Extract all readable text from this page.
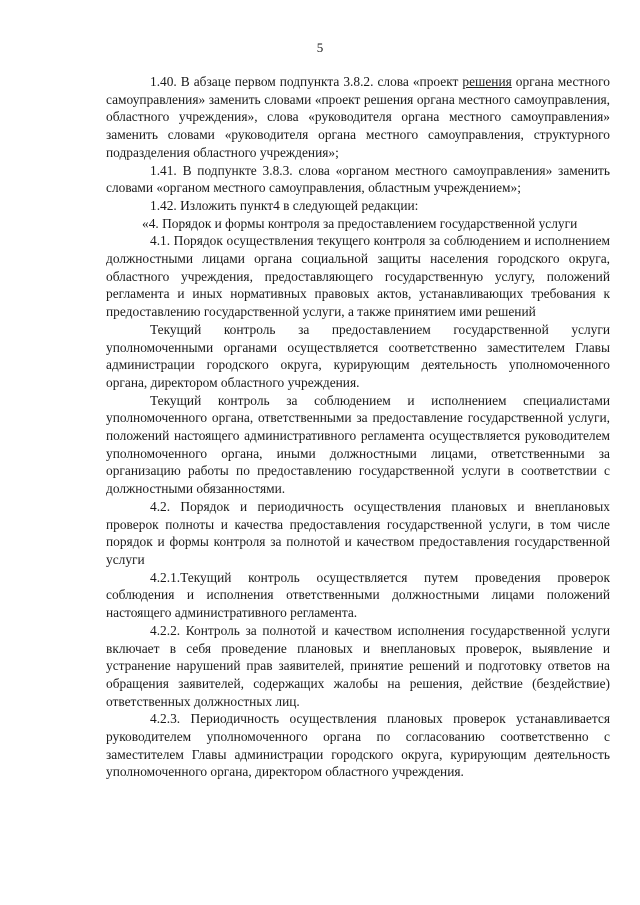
5

1.40. В абзаце первом подпункта 3.8.2. слова «проект решения органа местного самоуправления» заменить словами «проект решения органа местного самоуправления, областного учреждения», слова «руководителя органа местного самоуправления» заменить словами «руководителя органа местного самоуправления, структурного подразделения областного учреждения»;

1.41. В подпункте 3.8.3. слова «органом местного самоуправления» заменить словами «органом местного самоуправления, областным учреждением»;

1.42. Изложить пункт4 в следующей редакции:

«4. Порядок и формы контроля за предоставлением государственной услуги

4.1. Порядок осуществления текущего контроля за соблюдением и исполнением должностными лицами органа социальной защиты населения городского округа, областного учреждения, предоставляющего государственную услугу, положений регламента и иных нормативных правовых актов, устанавливающих требования к предоставлению государственной услуги, а также принятием ими решений

Текущий контроль за предоставлением государственной услуги уполномоченными органами осуществляется соответственно заместителем Главы администрации городского округа, курирующим деятельность уполномоченного органа, директором областного учреждения.

Текущий контроль за соблюдением и исполнением специалистами уполномоченного органа, ответственными за предоставление государственной услуги, положений настоящего административного регламента осуществляется руководителем уполномоченного органа, иными должностными лицами, ответственными за организацию работы по предоставлению государственной услуги в соответствии с должностными обязанностями.

4.2. Порядок и периодичность осуществления плановых и внеплановых проверок полноты и качества предоставления государственной услуги, в том числе порядок и формы контроля за полнотой и качеством предоставления государственной услуги

4.2.1.Текущий контроль осуществляется путем проведения проверок соблюдения и исполнения ответственными должностными лицами положений настоящего административного регламента.

4.2.2. Контроль за полнотой и качеством исполнения государственной услуги включает в себя проведение плановых и внеплановых проверок, выявление и устранение нарушений прав заявителей, принятие решений и подготовку ответов на обращения заявителей, содержащих жалобы на решения, действие (бездействие) ответственных должностных лиц.

4.2.3. Периодичность осуществления плановых проверок устанавливается руководителем уполномоченного органа по согласованию соответственно с заместителем Главы администрации городского округа, курирующим деятельность уполномоченного органа, директором областного учреждения.
